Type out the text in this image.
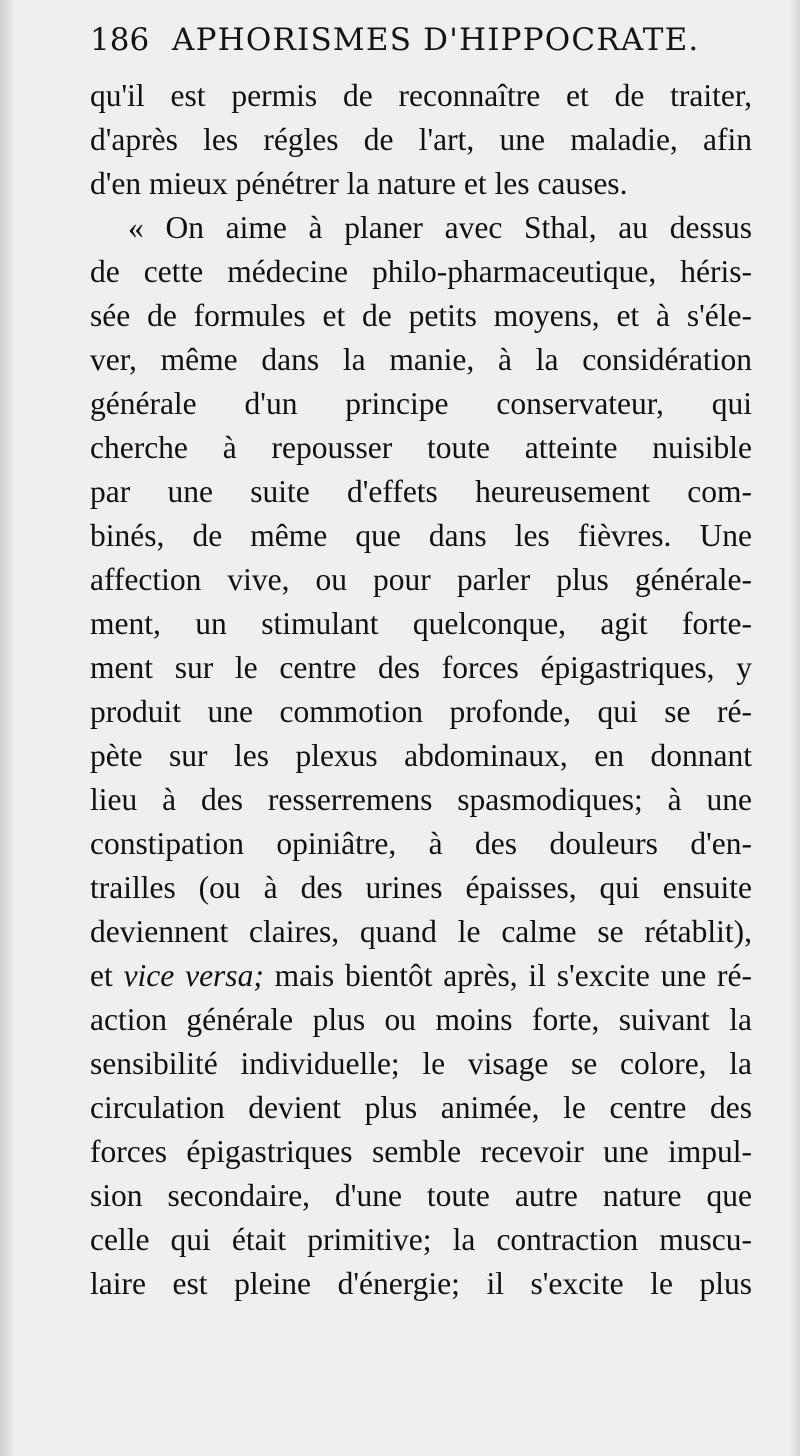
186 APHORISMES D'HIPPOCRATE.
qu'il est permis de reconnaître et de traiter,
d'après les régles de l'art, une maladie, afin
d'en mieux pénétrer la nature et les causes.
« On aime à planer avec Sthal, au dessus
de cette médecine philo-pharmaceutique, héris-
sée de formules et de petits moyens, et à s'éle-
ver, même dans la manie, à la considération
générale d'un principe conservateur, qui
cherche à repousser toute atteinte nuisible
par une suite d'effets heureusement com-
binés, de même que dans les fièvres. Une
affection vive, ou pour parler plus générale-
ment, un stimulant quelconque, agit forte-
ment sur le centre des forces épigastriques, y
produit une commotion profonde, qui se ré-
pète sur les plexus abdominaux, en donnant
lieu à des resserremens spasmodiques; à une
constipation opiniâtre, à des douleurs d'en-
trailles (ou à des urines épaisses, qui ensuite
deviennent claires, quand le calme se rétablit),
et vice versa; mais bientôt après, il s'excite une ré-
action générale plus ou moins forte, suivant la
sensibilité individuelle; le visage se colore, la
circulation devient plus animée, le centre des
forces épigastriques semble recevoir une impul-
sion secondaire, d'une toute autre nature que
celle qui était primitive; la contraction muscu-
laire est pleine d'énergie; il s'excite le plus
